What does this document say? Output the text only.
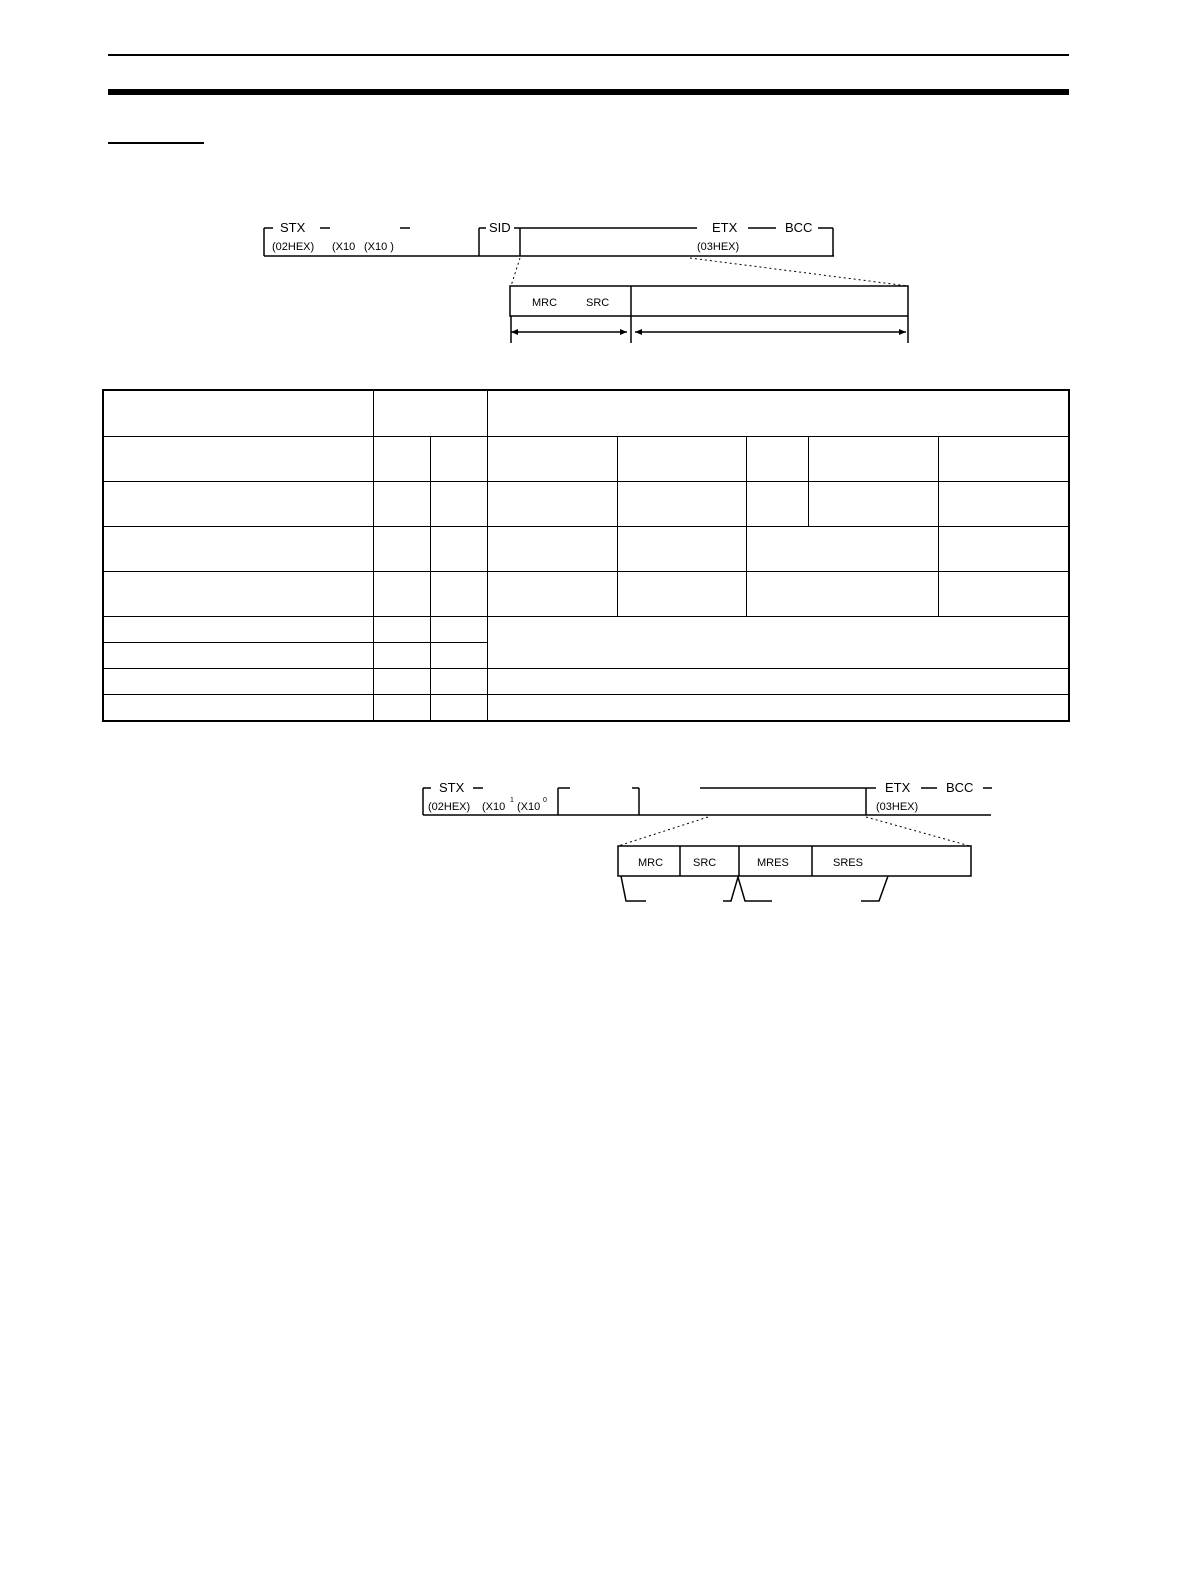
STX
(02HEX) (X10 (X10 )
SID	ETX
(03HEX)
BCC
MRC	SRC
STX
(02HEX) (X10
1
(X10
0
ETX
(03HEX)
BCC
MRC	SRC	MRES	SRES
